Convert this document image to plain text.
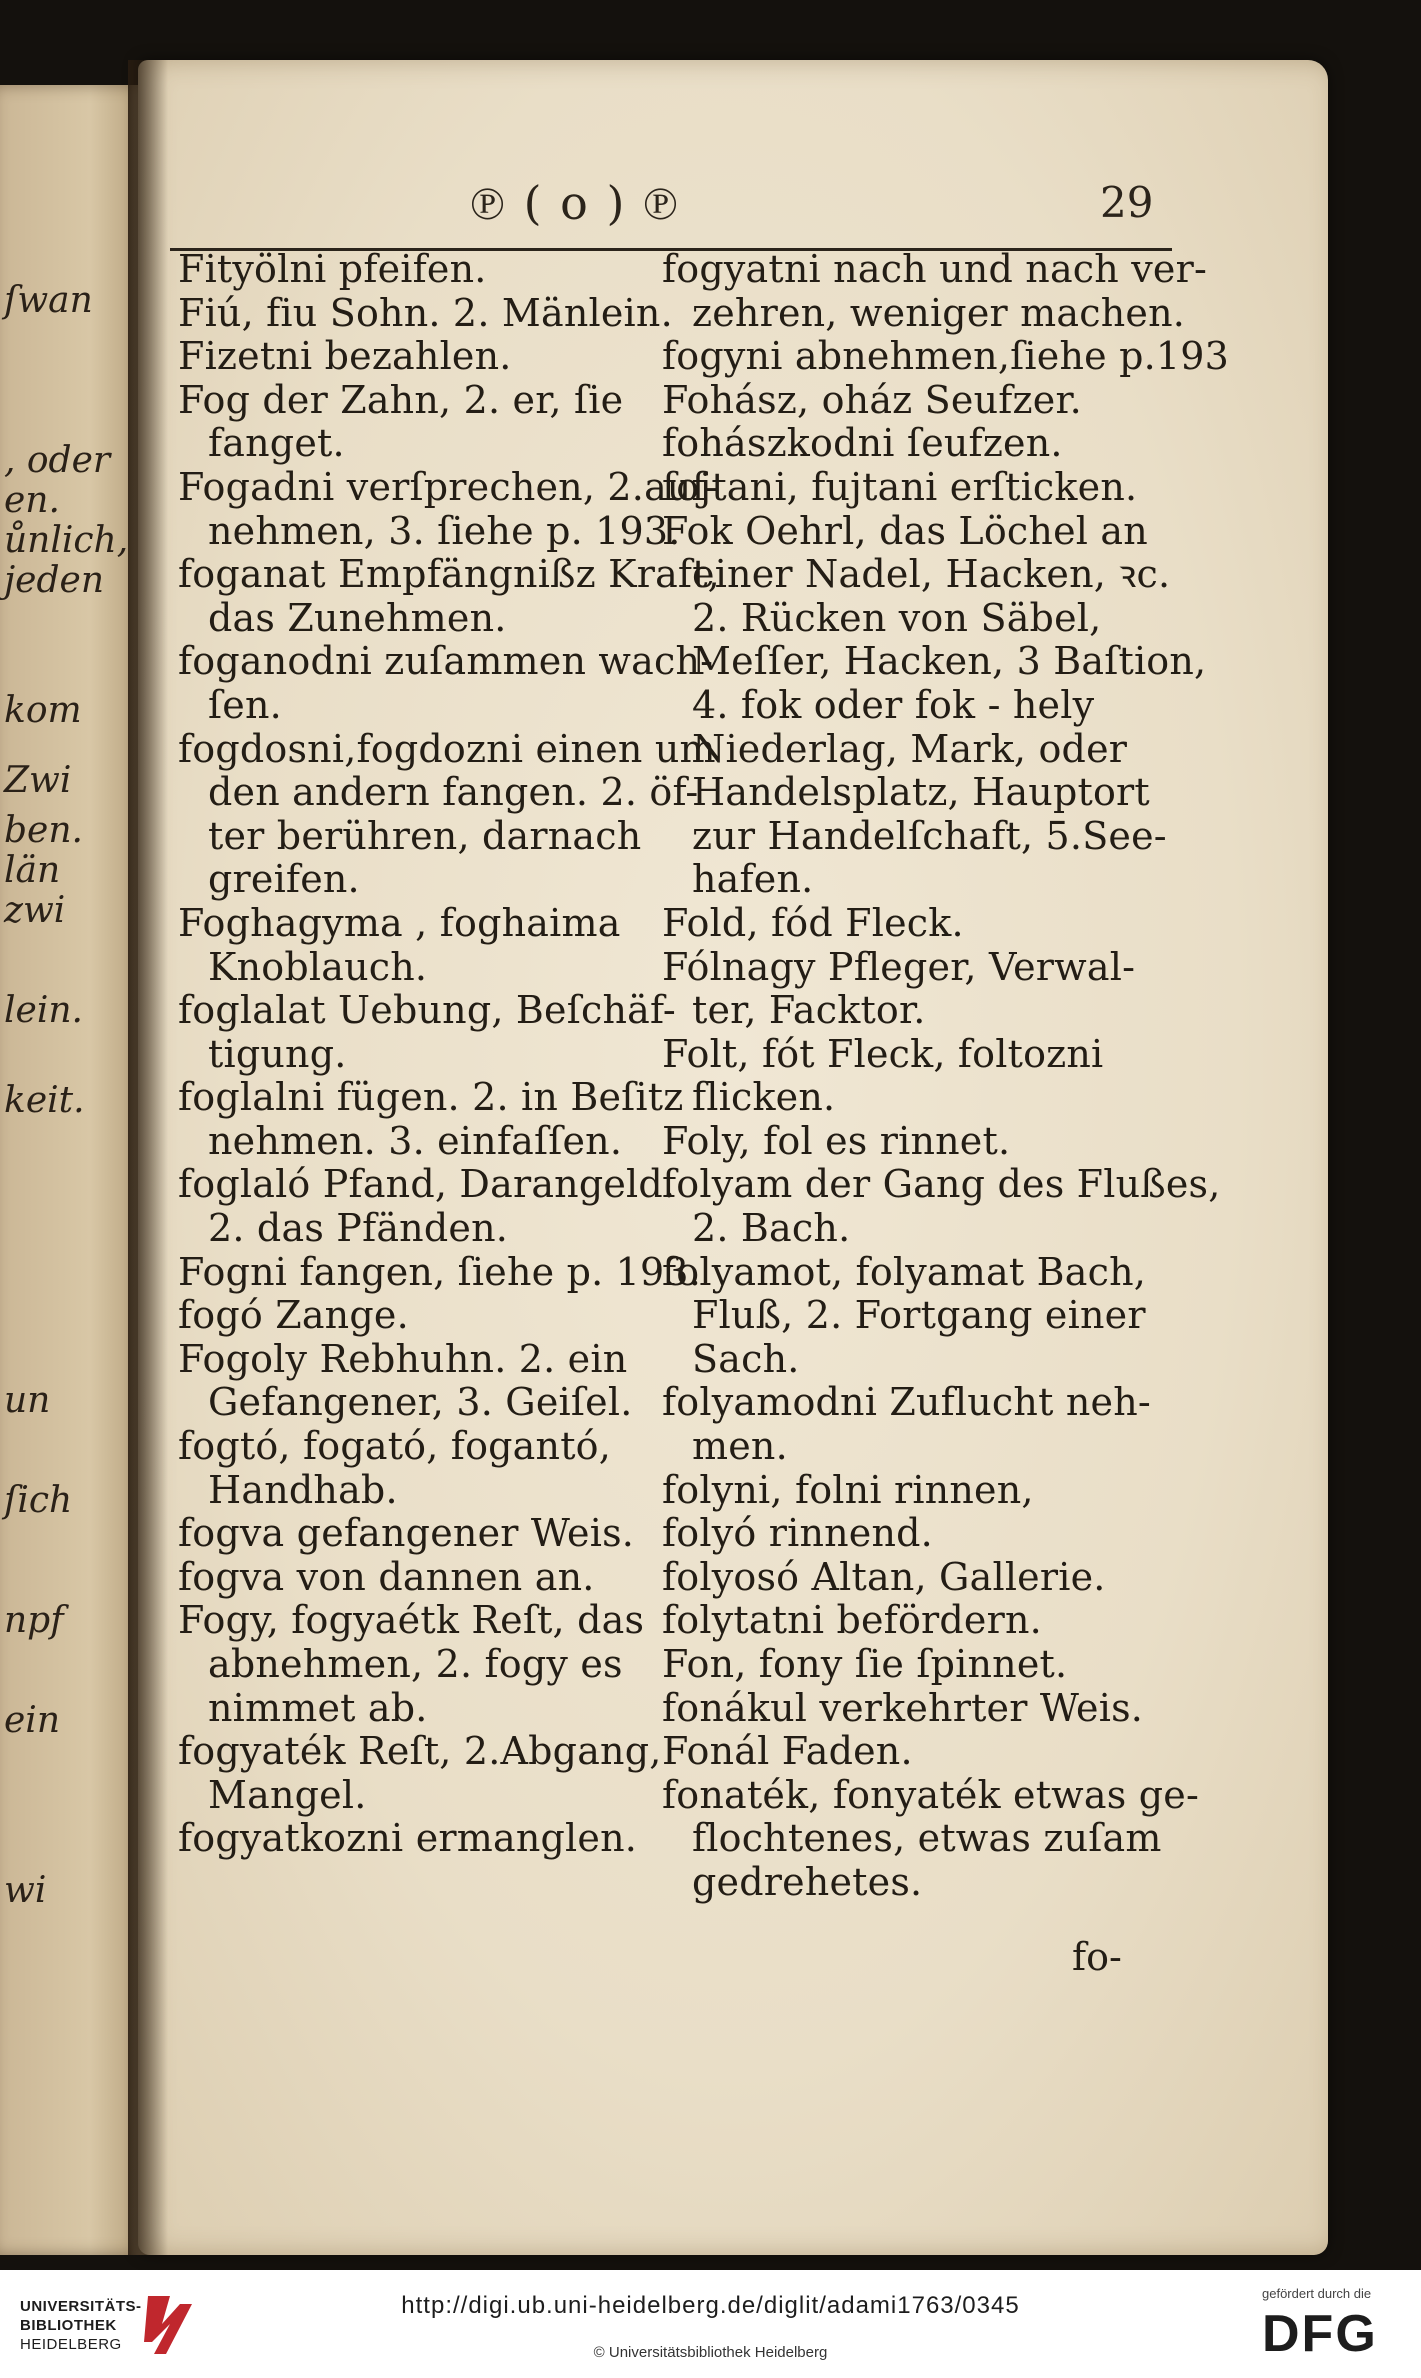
ſwan
, oder
en.
ůnlich,
jeden
kom
Zwi
ben.
län
zwi
lein.
keit.
un
ſich
npf
ein
wi
℗ ( o ) ℗	29
Fityölni pfeifen.
Fiú, fiu Sohn. 2. Mänlein.
Fizetni bezahlen.
Fog der Zahn, 2. er, ſie
fanget.
Fogadni verſprechen, 2.auf-
nehmen, 3. ſiehe p. 193.
foganat Empfängnißz Kraft,
das Zunehmen.
foganodni zuſammen wach-
ſen.
fogdosni,fogdozni einen um
den andern fangen. 2. öf-
ter berühren, darnach
greifen.
Foghagyma , foghaima
Knoblauch.
foglalat Uebung, Beſchäf-
tigung.
foglalni fügen. 2. in Beſitz
nehmen. 3. einfaſſen.
foglaló Pfand, Darangeld.
2. das Pfänden.
Fogni fangen, ſiehe p. 193.
fogó Zange.
Fogoly Rebhuhn. 2. ein
Gefangener, 3. Geiſel.
fogtó, fogató, fogantó,
Handhab.
fogva gefangener Weis.
fogva von dannen an.
Fogy, fogyaétk Reſt, das
abnehmen, 2. fogy es
nimmet ab.
fogyaték Reſt, 2.Abgang,
Mangel.
fogyatkozni ermanglen.
fogyatni nach und nach ver-
zehren, weniger machen.
fogyni abnehmen,ſiehe p.193
Fohász, oház Seufzer.
fohászkodni ſeufzen.
fojtani, fujtani erſticken.
Fok Oehrl, das Löchel an
einer Nadel, Hacken, ꝛc.
2. Rücken von Säbel,
Meſſer, Hacken, 3 Baſtion,
4. fok oder fok - hely
Niederlag, Mark, oder
Handelsplatz, Hauptort
zur Handelſchaft, 5.See-
hafen.
Fold, fód Fleck.
Fólnagy Pfleger, Verwal-
ter, Facktor.
Folt, fót Fleck, foltozni
flicken.
Foly, fol es rinnet.
folyam der Gang des Flußes,
2. Bach.
folyamot, folyamat Bach,
Fluß, 2. Fortgang einer
Sach.
folyamodni Zuflucht neh-
men.
folyni, folni rinnen,
folyó rinnend.
folyosó Altan, Gallerie.
folytatni befördern.
Fon, fony ſie ſpinnet.
fonákul verkehrter Weis.
Fonál Faden.
fonaték, fonyaték etwas ge-
flochtenes, etwas zuſam
gedrehetes.
UNIVERSITÄTS-
BIBLIOTHEK
HEIDELBERG
http://digi.ub.uni-heidelberg.de/diglit/adami1763/0345
© Universitätsbibliothek Heidelberg
gefördert durch die
DFG
fo-
